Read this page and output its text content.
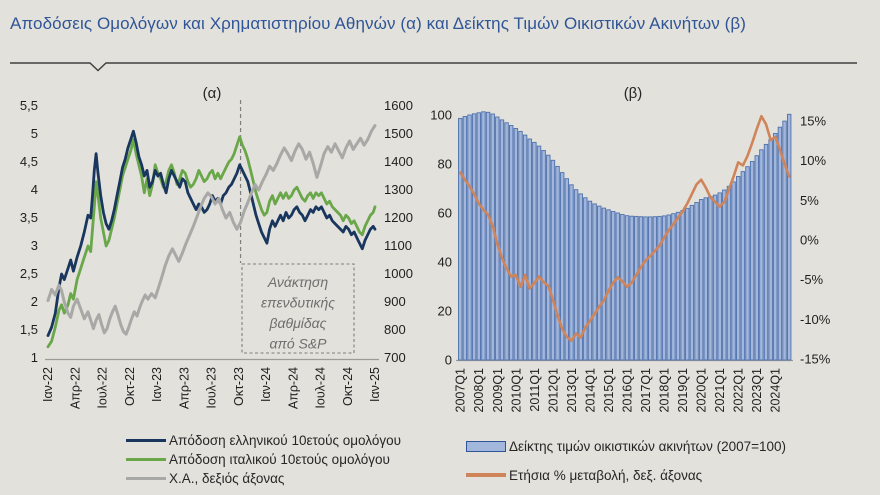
Αποδόσεις Ομολόγων και Χρηματιστηρίου Αθηνών (α) και Δείκτης Τιμών Οικιστικών Ακινήτων (β)
(α)
5,5
5
4,5
4
3,5
3
2,5
2
1,5
1
1600
1500
1400
1300
1200
1100
1000
900
800
700
Ιαν-22 Απρ-22 Ιουλ-22 Οκτ-22 Ιαν-23 Απρ-23 Ιουλ-23 Οκτ-23 Ιαν-24 Απρ-24 Ιουλ-24 Οκτ-24 Ιαν-25
Ανάκτηση
επενδυτικής
βαθμίδας
από S&P
(β)
100
80
60
40
20
0
15%
10%
5%
0%
-5%
-10%
-15%
2007Q1 2008Q1 2009Q1 2010Q1 2011Q1 2012Q1 2013Q1 2014Q1 2015Q1 2016Q1 2017Q1 2018Q1 2019Q1 2020Q1 2021Q1 2022Q1 2023Q1 2024Q1
Απόδοση ελληνικού 10ετούς ομολόγου
Απόδοση ιταλικού 10ετούς ομολόγου
Χ.Α., δεξιός άξονας
Δείκτης τιμών οικιστικών ακινήτων (2007=100)
Ετήσια % μεταβολή, δεξ. άξονας
